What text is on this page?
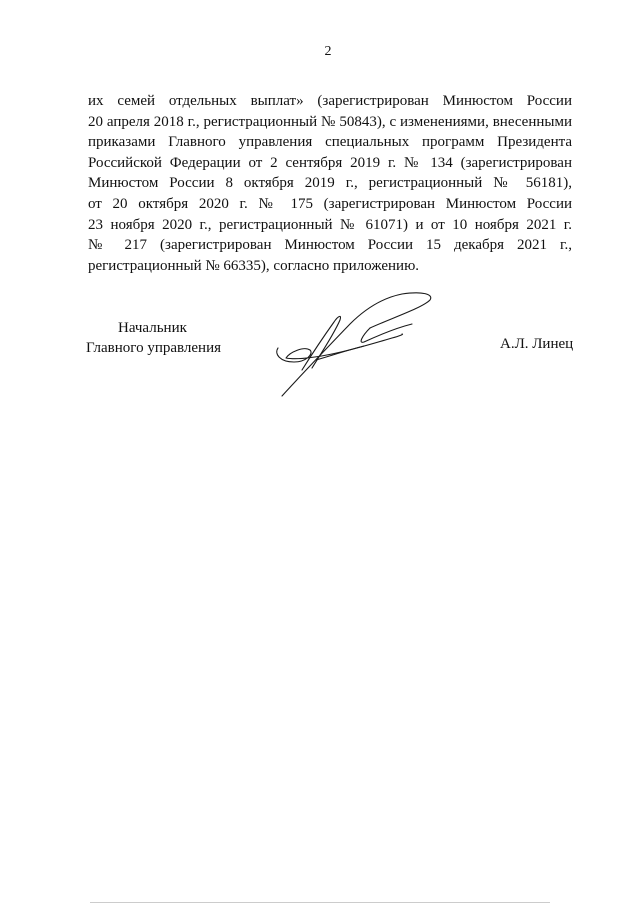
2
их семей отдельных выплат» (зарегистрирован Минюстом России
20 апреля 2018 г., регистрационный № 50843), с изменениями, внесенными
приказами Главного управления специальных программ Президента
Российской Федерации от 2 сентября 2019 г. № 134 (зарегистрирован
Минюстом России 8 октября 2019 г., регистрационный № 56181),
от 20 октября 2020 г. № 175 (зарегистрирован Минюстом России
23 ноября 2020 г., регистрационный № 61071) и от 10 ноября 2021 г.
№ 217 (зарегистрирован Минюстом России 15 декабря 2021 г.,
регистрационный № 66335), согласно приложению.
Начальник
Главного управления	А.Л. Линец
